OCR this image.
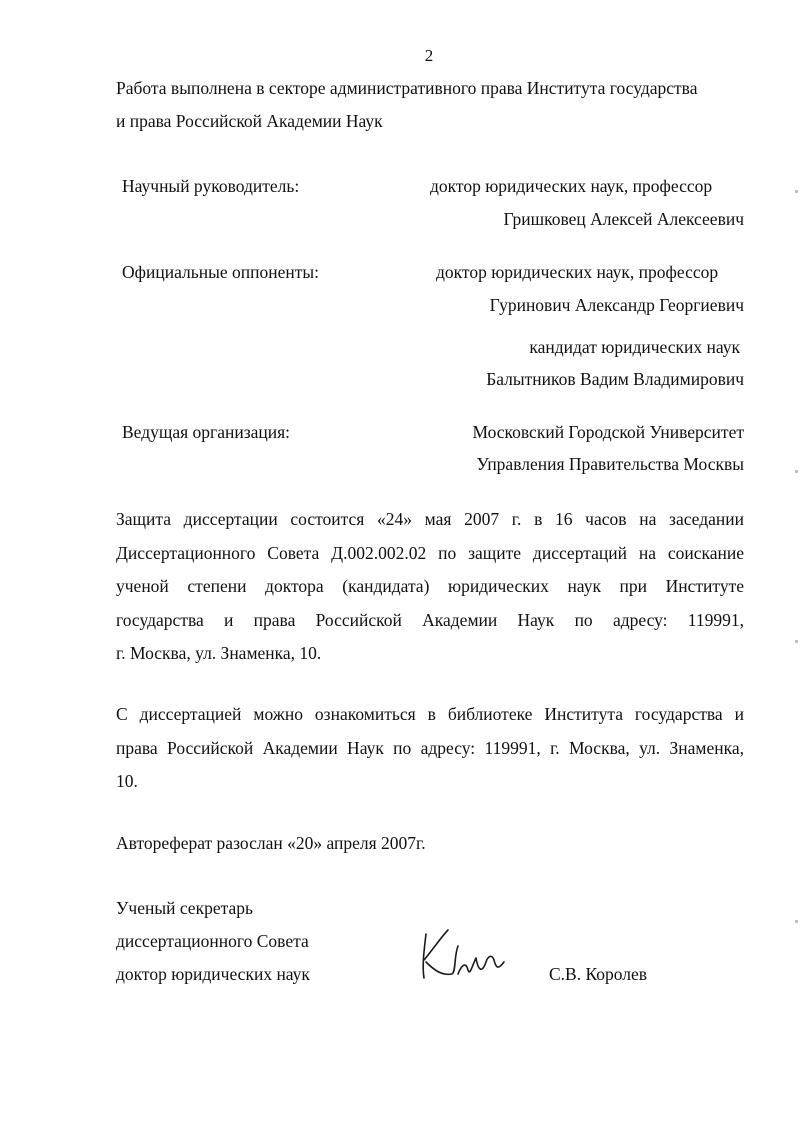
2
Работа выполнена в секторе административного права Института государства
и права Российской Академии Наук
Научный руководитель:	доктор юридических наук, профессор
Гришковец Алексей Алексеевич
Официальные оппоненты:	доктор юридических наук, профессор
Гуринович Александр Георгиевич
кандидат юридических наук
Балытников Вадим Владимирович
Ведущая организация:	Московский Городской Университет
Управления Правительства Москвы
Защита диссертации состоится «24» мая 2007 г. в 16 часов на заседании
Диссертационного Совета Д.002.002.02 по защите диссертаций на соискание
ученой степени доктора (кандидата) юридических наук при Институте
государства и права Российской Академии Наук по адресу: 119991,
г. Москва, ул. Знаменка, 10.
С диссертацией можно ознакомиться в библиотеке Института государства и
права Российской Академии Наук по адресу: 119991, г. Москва, ул. Знаменка,
10.
Автореферат разослан «20» апреля 2007г.
Ученый секретарь
диссертационного Совета
доктор юридических наук	С.В. Королев
